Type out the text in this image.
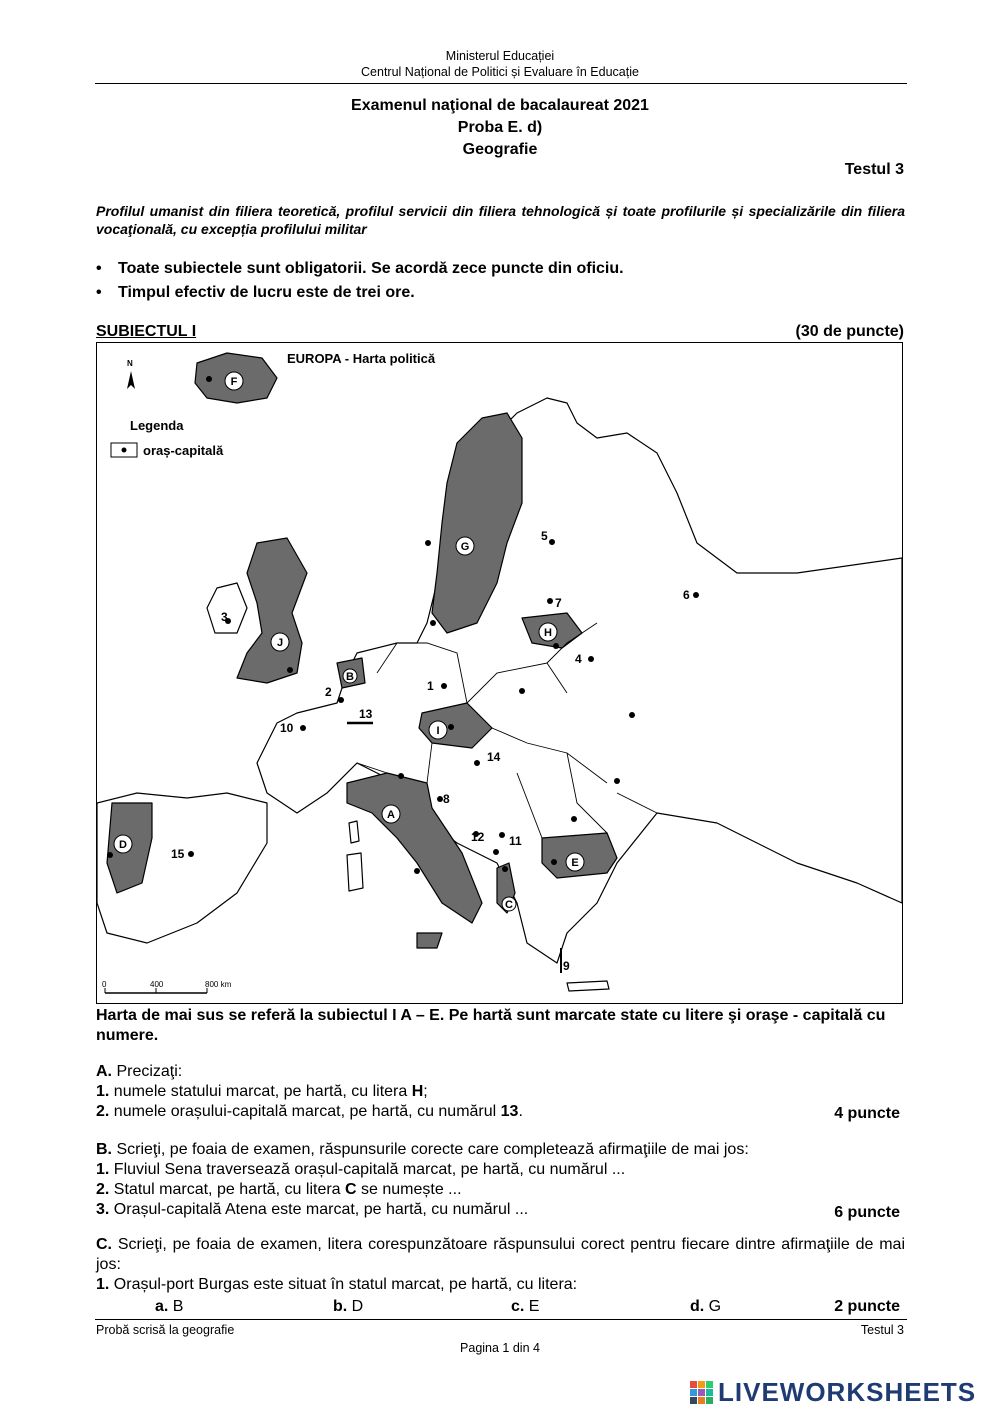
Ministerul Educației
Centrul Național de Politici și Evaluare în Educație
Examenul naţional de bacalaureat 2021
Proba E. d)
Geografie
Testul 3
Profilul umanist din filiera teoretică, profilul servicii din filiera tehnologică și toate profilurile și specializările din filiera vocaţională, cu excepția profilului militar
• Toate subiectele sunt obligatorii. Se acordă zece puncte din oficiu.
• Timpul efectiv de lucru este de trei ore.
SUBIECTUL I	(30 de puncte)
EUROPA - Harta politică
N
Legenda
oraș-capitală
0	400	800 km
F
G
H
J
B
I
A
D
E
C
1
2
3
4
5
6
7
8
9
10
11
12
13
14
15
Harta de mai sus se referă la subiectul I A – E. Pe hartă sunt marcate state cu litere şi oraşe - capitală cu numere.
A. Precizaţi:
1. numele statului marcat, pe hartă, cu litera H;
2. numele orașului-capitală marcat, pe hartă, cu numărul 13.	4 puncte
B. Scrieţi, pe foaia de examen, răspunsurile corecte care completează afirmaţiile de mai jos:
1. Fluviul Sena traversează orașul-capitală marcat, pe hartă, cu numărul ...
2. Statul marcat, pe hartă, cu litera C se numește ...
3. Orașul-capitală Atena este marcat, pe hartă, cu numărul ...	6 puncte
C. Scrieţi, pe foaia de examen, litera corespunzătoare răspunsului corect pentru fiecare dintre afirmaţiile de mai jos:
1. Orașul-port Burgas este situat în statul marcat, pe hartă, cu litera:
a. B	b. D	c. E	d. G	2 puncte
Probă scrisă la geografie	Testul 3
Pagina 1 din 4
LIVEWORKSHEETS
